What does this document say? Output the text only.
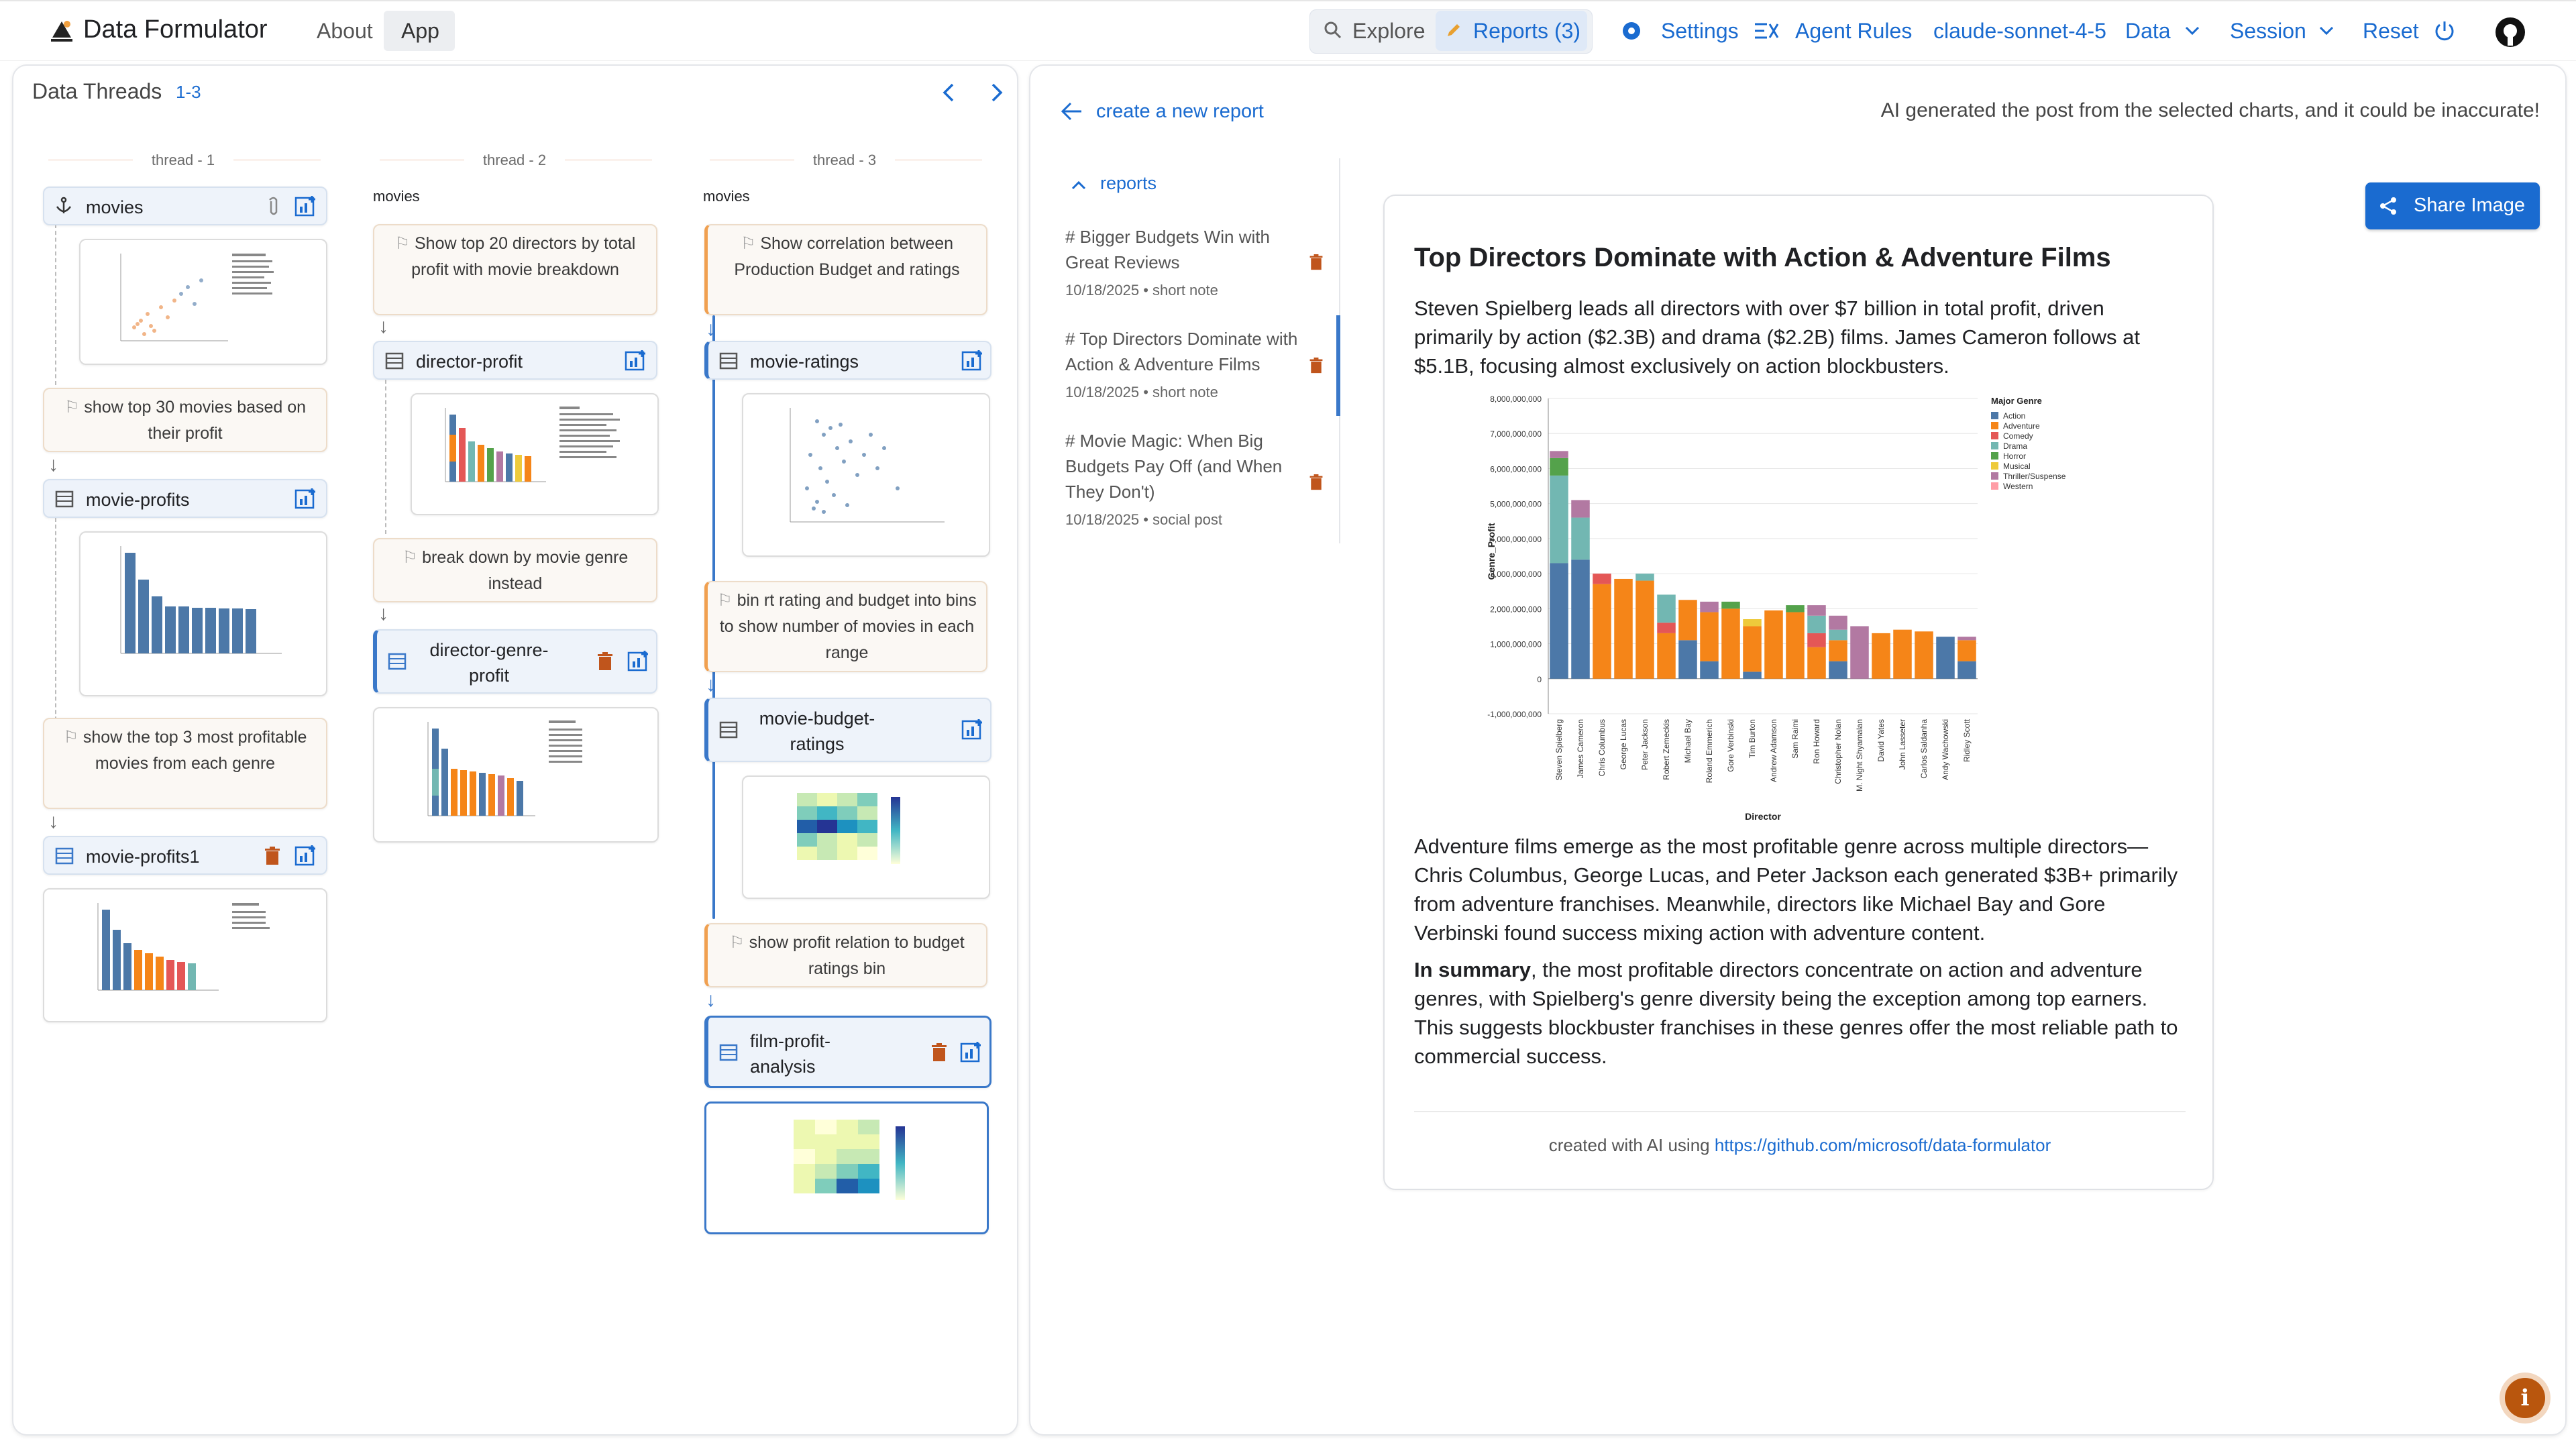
Data Formulator About App	Explore Reports (3)	Settings	Agent Rules claude-sonnet-4-5 Data	Session	Reset
Data Threads 1-3
thread - 1	thread - 2	thread - 3
movies
⚐ show top 30 movies based on their profit
↓
movie-profits
⚐ show the top 3 most profitable movies from each genre
↓
movie-profits1
movies
⚐ Show top 20 directors by total profit with movie breakdown
↓
director-profit
⚐ break down by movie genre instead
↓
director-genre-profit
movies
⚐ Show correlation between Production Budget and ratings
↓
movie-ratings
⚐ bin rt rating and budget into bins to show number of movies in each range
↓
movie-budget-ratings
⚐ show profit relation to budget ratings bin
↓
film-profit-analysis
create a new report	AI generated the post from the selected charts, and it could be inaccurate!
reports
# Bigger Budgets Win with Great Reviews
10/18/2025 • short note
# Top Directors Dominate with Action & Adventure Films
10/18/2025 • short note
# Movie Magic: When Big Budgets Pay Off (and When They Don't)
10/18/2025 • social post
Share Image
Top Directors Dominate with Action & Adventure Films
Steven Spielberg leads all directors with over $7 billion in total profit, driven primarily by action ($2.3B) and drama ($2.2B) films. James Cameron follows at $5.1B, focusing almost exclusively on action blockbusters.
8,000,000,000
7,000,000,000
6,000,000,000
5,000,000,000
4,000,000,000
3,000,000,000
2,000,000,000
1,000,000,000
0
-1,000,000,000
Steven Spielberg James Cameron Chris Columbus George Lucas Peter Jackson Robert Zemeckis Michael Bay Roland Emmerich Gore Verbinski Tim Burton Andrew Adamson Sam Raimi Ron Howard Christopher Nolan M. Night Shyamalan David Yates John Lasseter Carlos Saldanha Andy Wachowski Ridley Scott
Director
Genre_Profit
Major Genre
Action
Adventure
Comedy
Drama
Horror
Musical
Thriller/Suspense
Western
Adventure films emerge as the most profitable genre across multiple directors—Chris Columbus, George Lucas, and Peter Jackson each generated $3B+ primarily from adventure franchises. Meanwhile, directors like Michael Bay and Gore Verbinski found success mixing action with adventure content.
In summary, the most profitable directors concentrate on action and adventure genres, with Spielberg's genre diversity being the exception among top earners. This suggests blockbuster franchises in these genres offer the most reliable path to commercial success.
created with AI using https://github.com/microsoft/data-formulator
i
